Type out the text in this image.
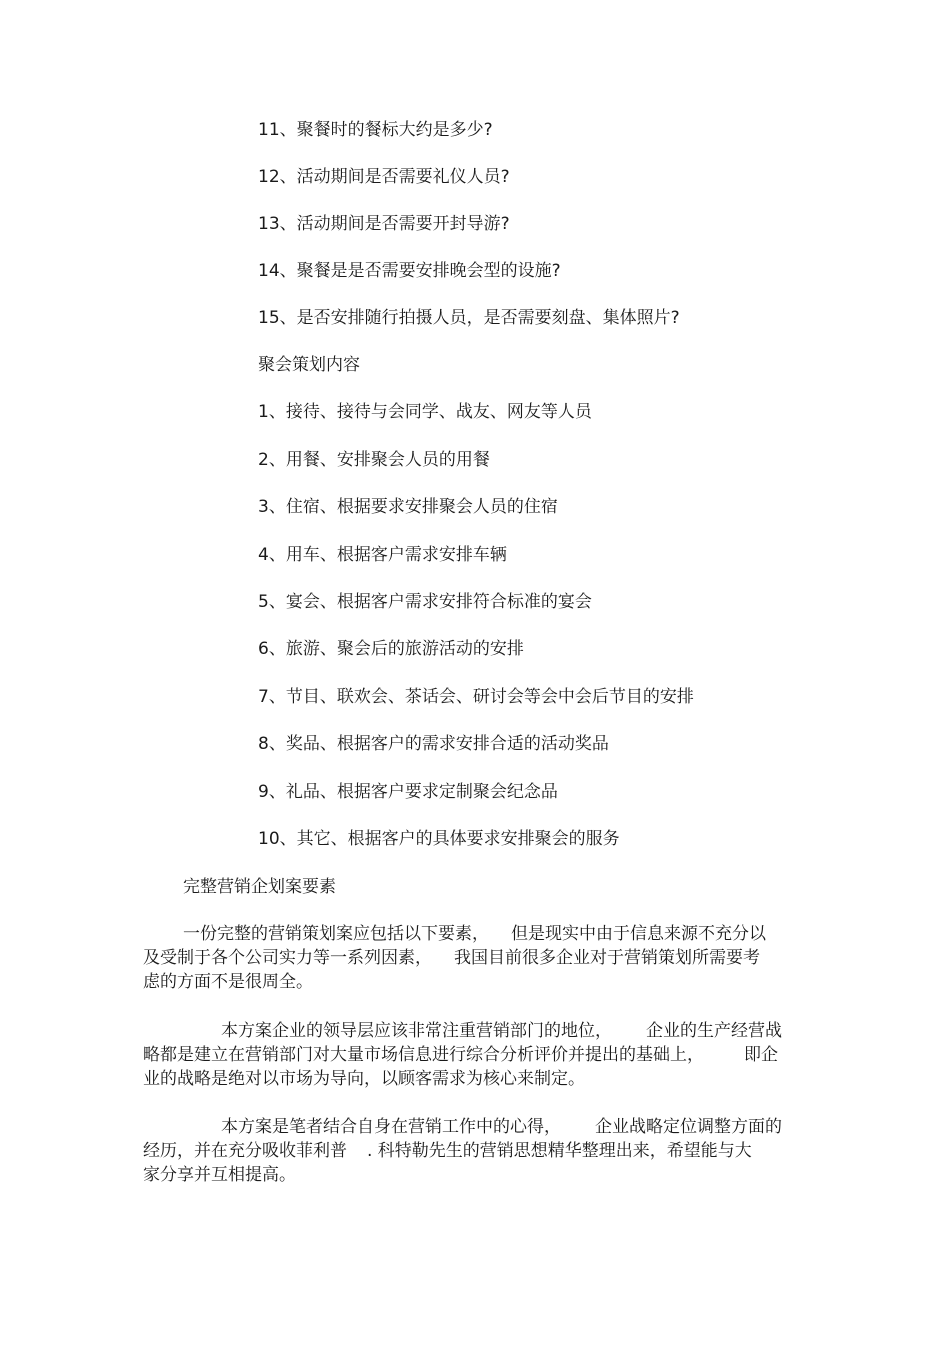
11、聚餐时的餐标大约是多少?
12、活动期间是否需要礼仪人员?
13、活动期间是否需要开封导游?
14、聚餐是是否需要安排晚会型的设施?
15、是否安排随行拍摄人员，是否需要刻盘、集体照片?
聚会策划内容
1、接待、接待与会同学、战友、网友等人员
2、用餐、安排聚会人员的用餐
3、住宿、根据要求安排聚会人员的住宿
4、用车、根据客户需求安排车辆
5、宴会、根据客户需求安排符合标准的宴会
6、旅游、聚会后的旅游活动的安排
7、节目、联欢会、茶话会、研讨会等会中会后节目的安排
8、奖品、根据客户的需求安排合适的活动奖品
9、礼品、根据客户要求定制聚会纪念品
10、其它、根据客户的具体要求安排聚会的服务
完整营销企划案要素
一份完整的营销策划案应包括以下要素， 但是现实中由于信息来源不充分以
及受制于各个公司实力等一系列因素， 我国目前很多企业对于营销策划所需要考
虑的方面不是很周全。
本方案企业的领导层应该非常注重营销部门的地位， 企业的生产经营战
略都是建立在营销部门对大量市场信息进行综合分析评价并提出的基础上， 即企
业的战略是绝对以市场为导向，以顾客需求为核心来制定。
本方案是笔者结合自身在营销工作中的心得， 企业战略定位调整方面的
经历，并在充分吸收菲利普 . 科特勒先生的营销思想精华整理出来，希望能与大
家分享并互相提高。
